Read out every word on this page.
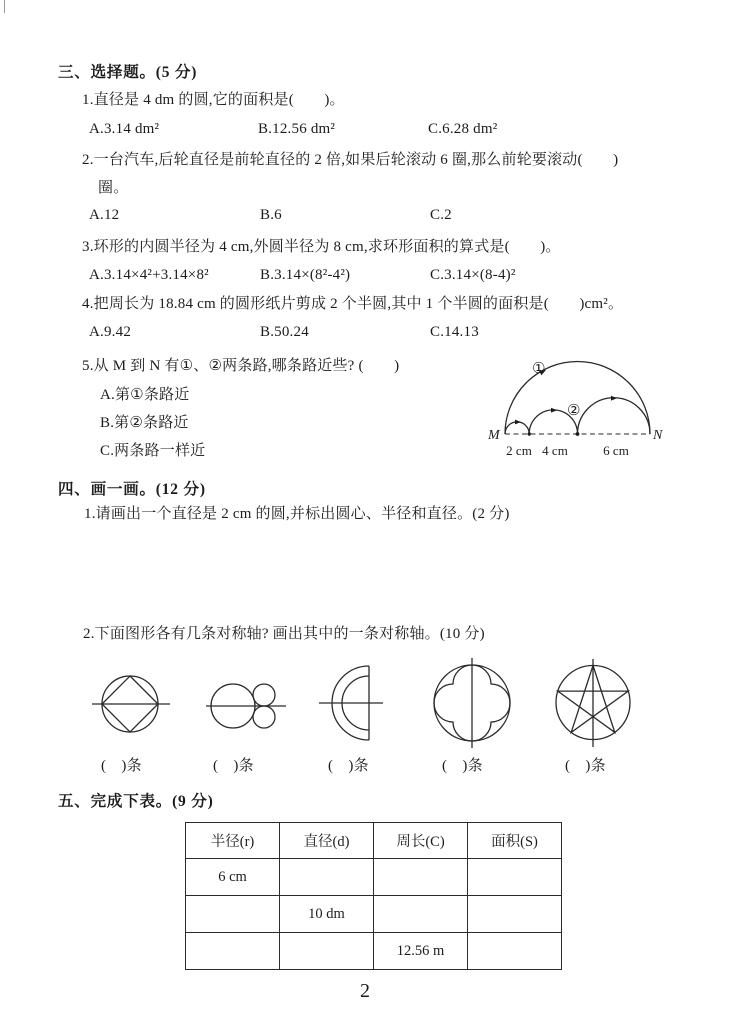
三、选择题。(5 分)
1.直径是 4 dm 的圆,它的面积是(　　)。
A.3.14 dm²	B.12.56 dm²	C.6.28 dm²
2.一台汽车,后轮直径是前轮直径的 2 倍,如果后轮滚动 6 圈,那么前轮要滚动(　　)
圈。
A.12	B.6	C.2
3.环形的内圆半径为 4 cm,外圆半径为 8 cm,求环形面积的算式是(　　)。
A.3.14×4²+3.14×8²	B.3.14×(8²-4²)	C.3.14×(8-4)²
4.把周长为 18.84 cm 的圆形纸片剪成 2 个半圆,其中 1 个半圆的面积是(　　)cm²。
A.9.42	B.50.24	C.14.13
5.从 M 到 N 有①、②两条路,哪条路近些? (　　)
A.第①条路近
B.第②条路近
C.两条路一样近
M	N
①
②
2 cm 4 cm	6 cm
四、画一画。(12 分)
1.请画出一个直径是 2 cm 的圆,并标出圆心、半径和直径。(2 分)
2.下面图形各有几条对称轴? 画出其中的一条对称轴。(10 分)
(　)条	(　)条	(　)条	(　)条	(　)条
五、完成下表。(9 分)
半径(r)	直径(d)	周长(C)	面积(S)
6 cm			
	10 dm		
		12.56 m	
2
